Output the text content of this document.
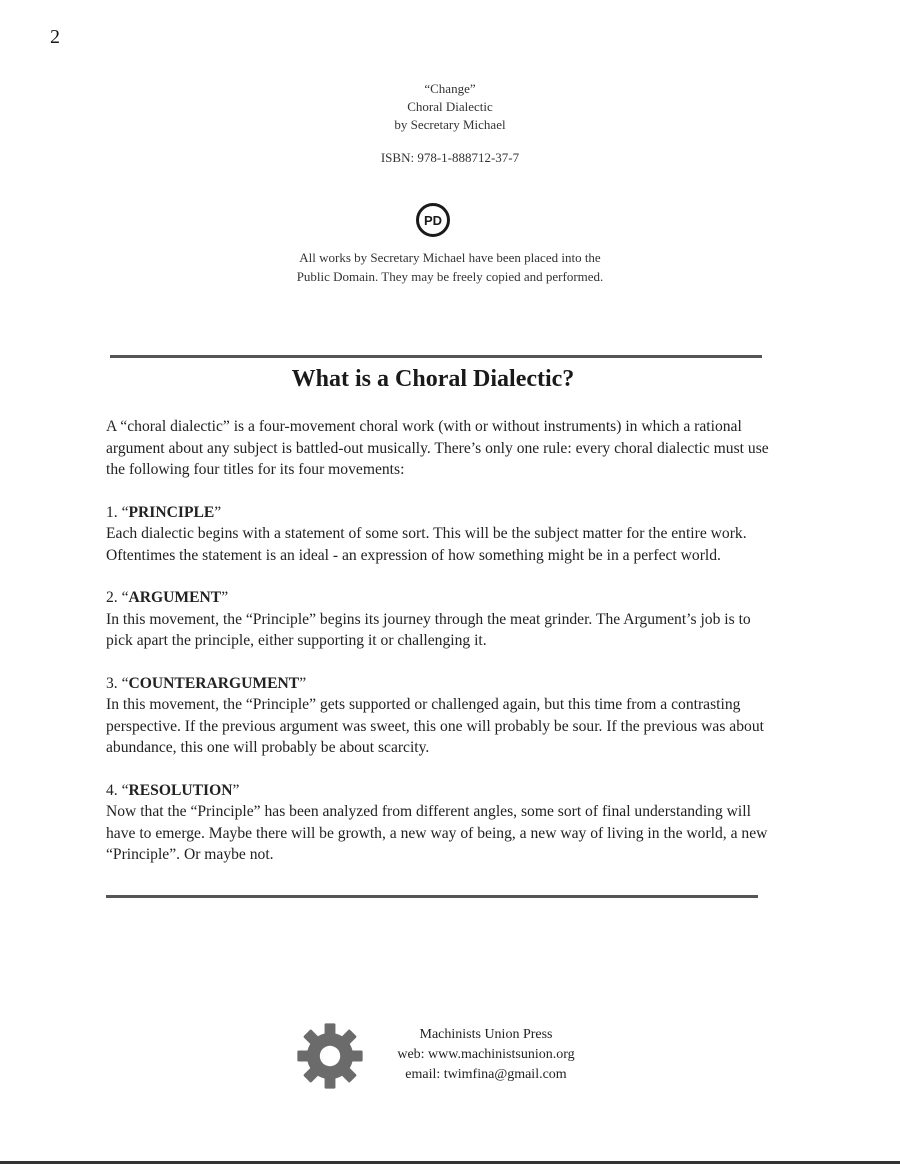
2
“Change”
Choral Dialectic
by Secretary Michael
ISBN: 978-1-888712-37-7
PD
All works by Secretary Michael have been placed into the
Public Domain. They may be freely copied and performed.
What is a Choral Dialectic?

A “choral dialectic” is a four-movement choral work (with or without instruments) in which a rational argument about any subject is battled-out musically. There’s only one rule: every choral dialectic must use the following four titles for its four movements:

1. “PRINCIPLE”

Each dialectic begins with a statement of some sort. This will be the subject matter for the entire work. Oftentimes the statement is an ideal - an expression of how something might be in a perfect world.

2. “ARGUMENT”

In this movement, the “Principle” begins its journey through the meat grinder. The Argument’s job is to pick apart the principle, either supporting it or challenging it.

3. “COUNTERARGUMENT”

In this movement, the “Principle” gets supported or challenged again, but this time from a contrasting perspective. If the previous argument was sweet, this one will probably be sour. If the previous was about abundance, this one will probably be about scarcity.

4. “RESOLUTION”

Now that the “Principle” has been analyzed from different angles, some sort of final understanding will have to emerge. Maybe there will be growth, a new way of being, a new way of living in the world, a new “Principle”. Or maybe not.

Machinists Union Press
web: www.machinistsunion.org
email: twimfina@gmail.com
